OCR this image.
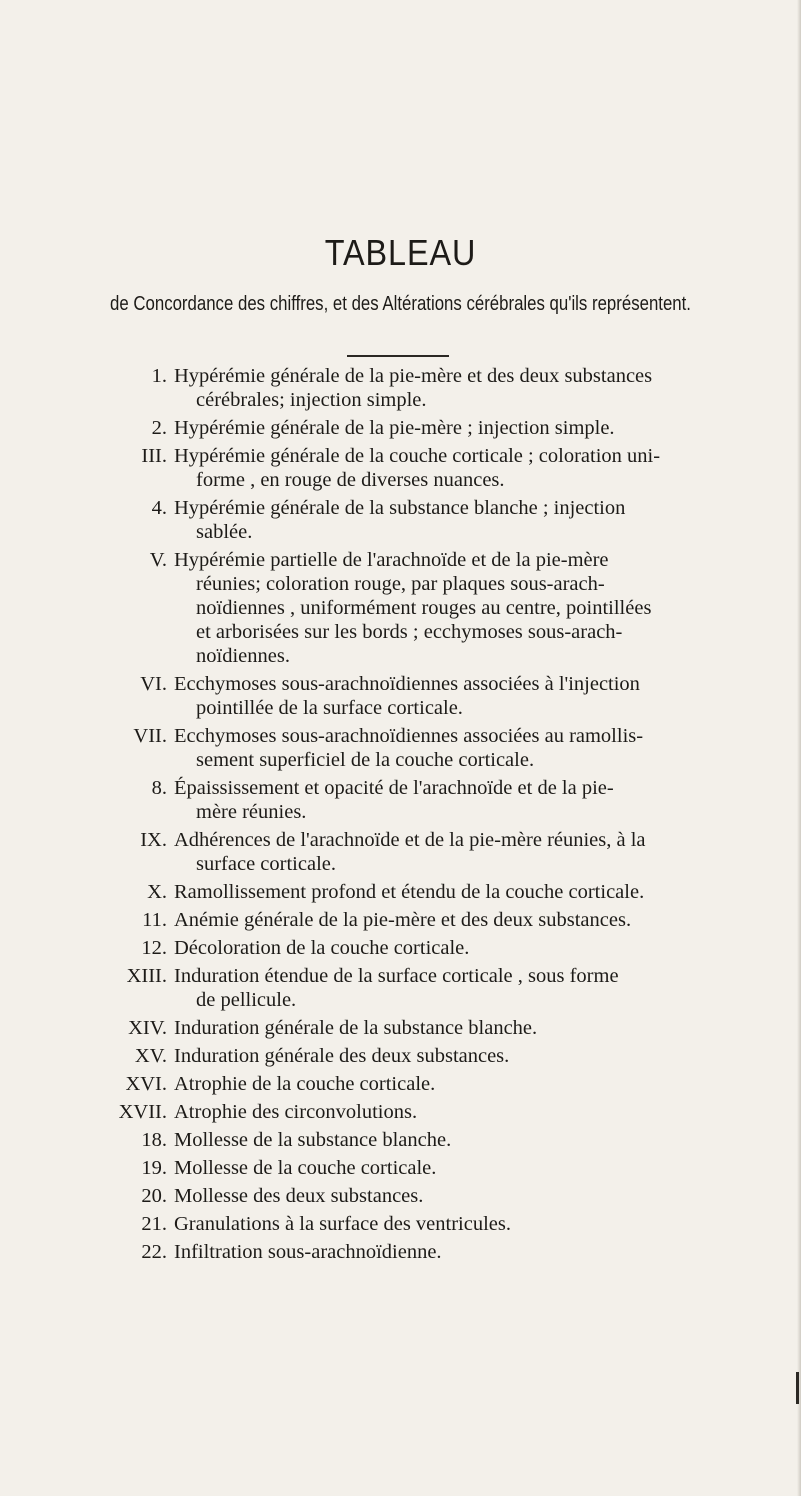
TABLEAU
de Concordance des chiffres, et des Altérations cérébrales qu'ils représentent.
1. Hypérémie générale de la pie-mère et des deux substances
cérébrales; injection simple.
2. Hypérémie générale de la pie-mère ; injection simple.
III. Hypérémie générale de la couche corticale ; coloration uni-
forme , en rouge de diverses nuances.
4. Hypérémie générale de la substance blanche ; injection
sablée.
V. Hypérémie partielle de l'arachnoïde et de la pie-mère
réunies; coloration rouge, par plaques sous-arach-
noïdiennes , uniformément rouges au centre, pointillées
et arborisées sur les bords ; ecchymoses sous-arach-
noïdiennes.
VI. Ecchymoses sous-arachnoïdiennes associées à l'injection
pointillée de la surface corticale.
VII. Ecchymoses sous-arachnoïdiennes associées au ramollis-
sement superficiel de la couche corticale.
8. Épaississement et opacité de l'arachnoïde et de la pie-
mère réunies.
IX. Adhérences de l'arachnoïde et de la pie-mère réunies, à la
surface corticale.
X. Ramollissement profond et étendu de la couche corticale.
11. Anémie générale de la pie-mère et des deux substances.
12. Décoloration de la couche corticale.
XIII. Induration étendue de la surface corticale , sous forme
de pellicule.
XIV. Induration générale de la substance blanche.
XV. Induration générale des deux substances.
XVI. Atrophie de la couche corticale.
XVII. Atrophie des circonvolutions.
18. Mollesse de la substance blanche.
19. Mollesse de la couche corticale.
20. Mollesse des deux substances.
21. Granulations à la surface des ventricules.
22. Infiltration sous-arachnoïdienne.
